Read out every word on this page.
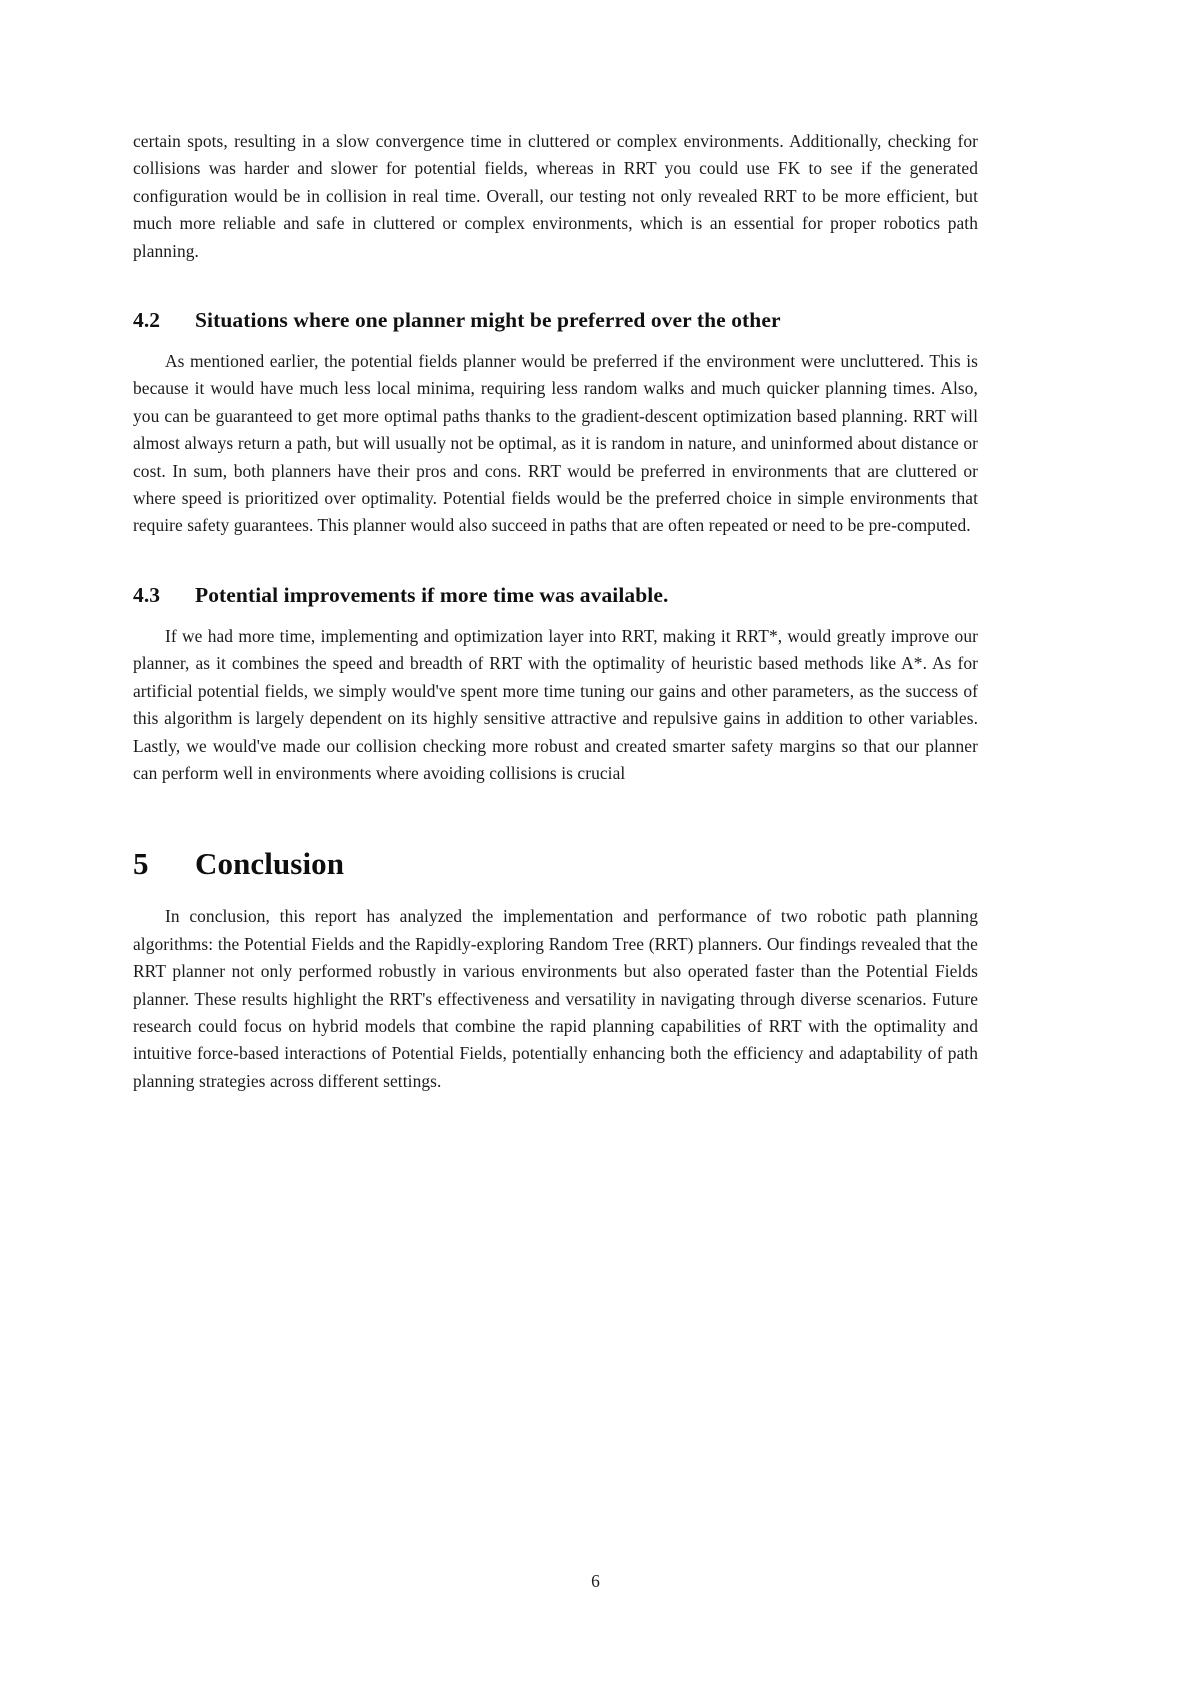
certain spots, resulting in a slow convergence time in cluttered or complex environments. Additionally, checking for collisions was harder and slower for potential fields, whereas in RRT you could use FK to see if the generated configuration would be in collision in real time. Overall, our testing not only revealed RRT to be more efficient, but much more reliable and safe in cluttered or complex environments, which is an essential for proper robotics path planning.

4.2 Situations where one planner might be preferred over the other

As mentioned earlier, the potential fields planner would be preferred if the environment were uncluttered. This is because it would have much less local minima, requiring less random walks and much quicker planning times. Also, you can be guaranteed to get more optimal paths thanks to the gradient-descent optimization based planning. RRT will almost always return a path, but will usually not be optimal, as it is random in nature, and uninformed about distance or cost. In sum, both planners have their pros and cons. RRT would be preferred in environments that are cluttered or where speed is prioritized over optimality. Potential fields would be the preferred choice in simple environments that require safety guarantees. This planner would also succeed in paths that are often repeated or need to be pre-computed.

4.3 Potential improvements if more time was available.

If we had more time, implementing and optimization layer into RRT, making it RRT*, would greatly improve our planner, as it combines the speed and breadth of RRT with the optimality of heuristic based methods like A*. As for artificial potential fields, we simply would've spent more time tuning our gains and other parameters, as the success of this algorithm is largely dependent on its highly sensitive attractive and repulsive gains in addition to other variables. Lastly, we would've made our collision checking more robust and created smarter safety margins so that our planner can perform well in environments where avoiding collisions is crucial

5 Conclusion

In conclusion, this report has analyzed the implementation and performance of two robotic path planning algorithms: the Potential Fields and the Rapidly-exploring Random Tree (RRT) planners. Our findings revealed that the RRT planner not only performed robustly in various environments but also operated faster than the Potential Fields planner. These results highlight the RRT's effectiveness and versatility in navigating through diverse scenarios. Future research could focus on hybrid models that combine the rapid planning capabilities of RRT with the optimality and intuitive force-based interactions of Potential Fields, potentially enhancing both the efficiency and adaptability of path planning strategies across different settings.

6
